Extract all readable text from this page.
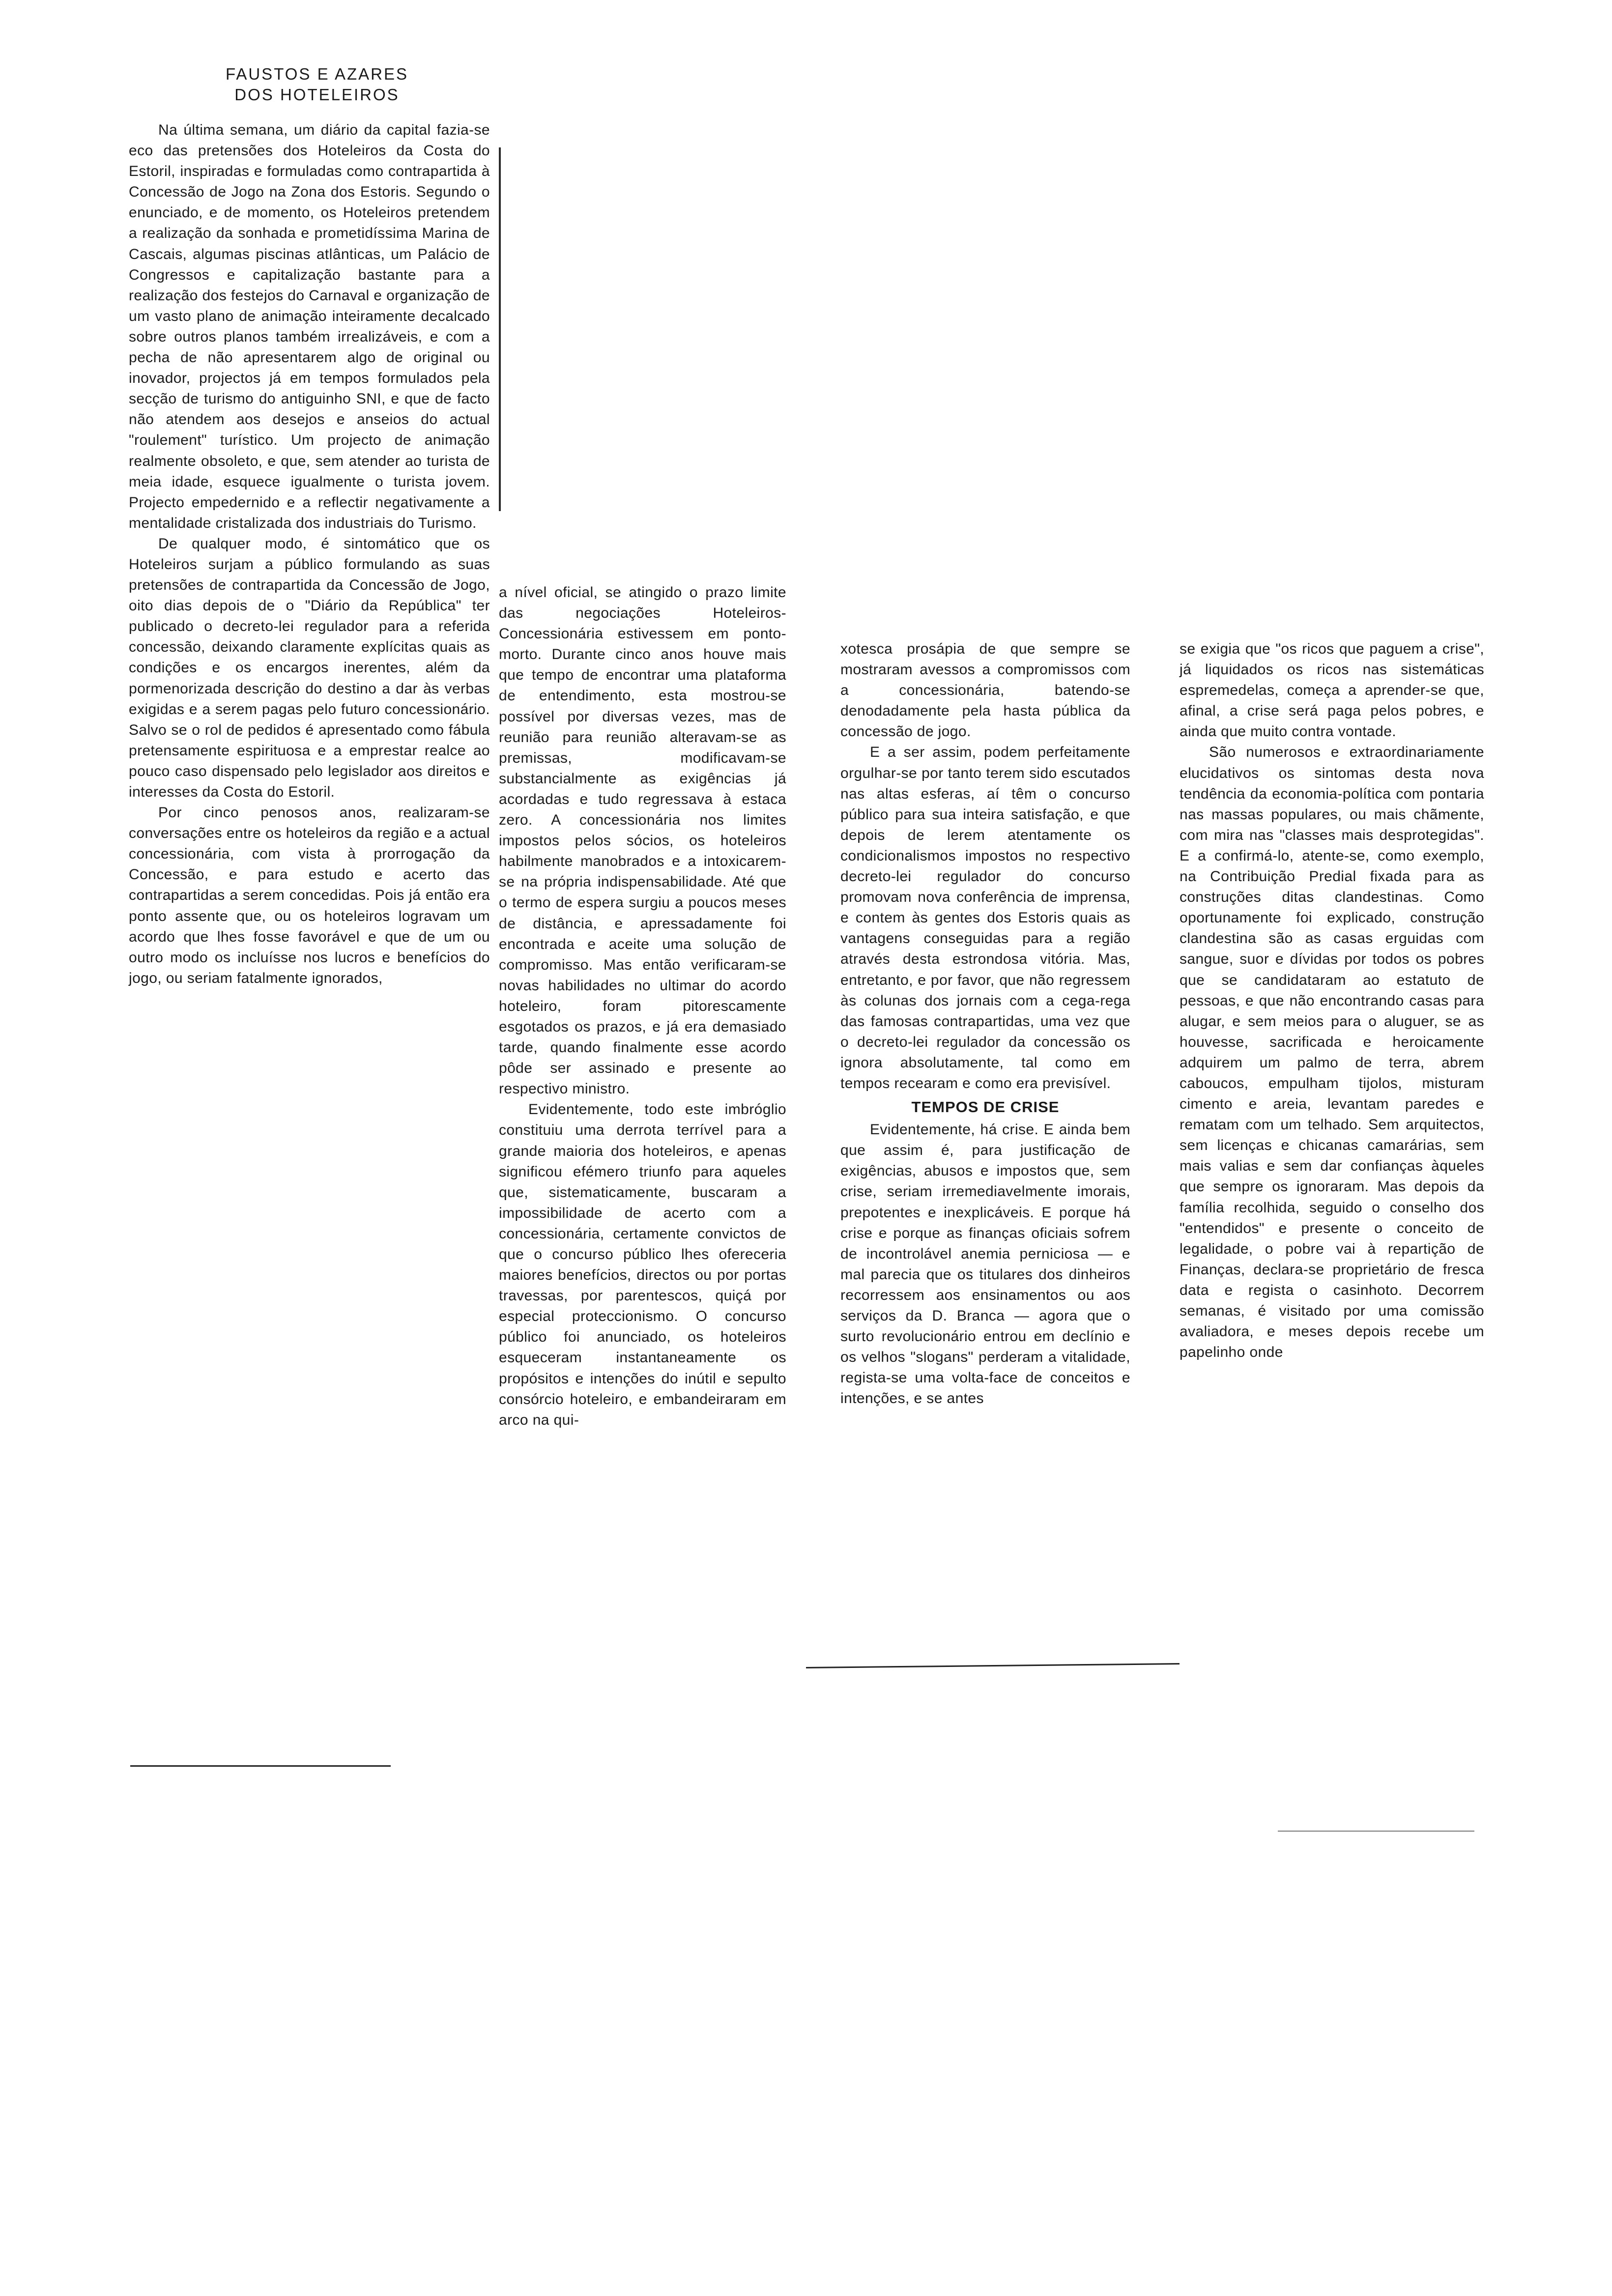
FAUSTOS E AZARES
DOS HOTELEIROS

Na última semana, um diário da capital fazia-se eco das pretensões dos Hoteleiros da Costa do Estoril, inspiradas e formuladas como contrapartida à Concessão de Jogo na Zona dos Estoris. Segundo o enunciado, e de momento, os Hoteleiros pretendem a realização da sonhada e prometidíssima Marina de Cascais, algumas piscinas atlânticas, um Palácio de Congressos e capitalização bastante para a realização dos festejos do Carnaval e organização de um vasto plano de animação inteiramente decalcado sobre outros planos também irrealizáveis, e com a pecha de não apresentarem algo de original ou inovador, projectos já em tempos formulados pela secção de turismo do antiguinho SNI, e que de facto não atendem aos desejos e anseios do actual "roulement" turístico. Um projecto de animação realmente obsoleto, e que, sem atender ao turista de meia idade, esquece igualmente o turista jovem. Projecto empedernido e a reflectir negativamente a mentalidade cristalizada dos industriais do Turismo.

De qualquer modo, é sintomático que os Hoteleiros surjam a público formulando as suas pretensões de contrapartida da Concessão de Jogo, oito dias depois de o "Diário da República" ter publicado o decreto-lei regulador para a referida concessão, deixando claramente explícitas quais as condições e os encargos inerentes, além da pormenorizada descrição do destino a dar às verbas exigidas e a serem pagas pelo futuro concessionário. Salvo se o rol de pedidos é apresentado como fábula pretensamente espirituosa e a emprestar realce ao pouco caso dispensado pelo legislador aos direitos e interesses da Costa do Estoril.

Por cinco penosos anos, realizaram-se conversações entre os hoteleiros da região e a actual concessionária, com vista à prorrogação da Concessão, e para estudo e acerto das contrapartidas a serem concedidas. Pois já então era ponto assente que, ou os hoteleiros logravam um acordo que lhes fosse favorável e que de um ou outro modo os incluísse nos lucros e benefícios do jogo, ou seriam fatalmente ignorados,

a nível oficial, se atingido o prazo limite das negociações Hoteleiros-Concessionária estivessem em ponto-morto. Durante cinco anos houve mais que tempo de encontrar uma plataforma de entendimento, esta mostrou-se possível por diversas vezes, mas de reunião para reunião alteravam-se as premissas, modificavam-se substancialmente as exigências já acordadas e tudo regressava à estaca zero. A concessionária nos limites impostos pelos sócios, os hoteleiros habilmente manobrados e a intoxicarem-se na própria indispensabilidade. Até que o termo de espera surgiu a poucos meses de distância, e apressadamente foi encontrada e aceite uma solução de compromisso. Mas então verificaram-se novas habilidades no ultimar do acordo hoteleiro, foram pitorescamente esgotados os prazos, e já era demasiado tarde, quando finalmente esse acordo pôde ser assinado e presente ao respectivo ministro.

Evidentemente, todo este imbróglio constituiu uma derrota terrível para a grande maioria dos hoteleiros, e apenas significou efémero triunfo para aqueles que, sistematicamente, buscaram a impossibilidade de acerto com a concessionária, certamente convictos de que o concurso público lhes ofereceria maiores benefícios, directos ou por portas travessas, por parentescos, quiçá por especial proteccionismo. O concurso público foi anunciado, os hoteleiros esqueceram instantaneamente os propósitos e intenções do inútil e sepulto consórcio hoteleiro, e embandeiraram em arco na qui-

xotesca prosápia de que sempre se mostraram avessos a compromissos com a concessionária, batendo-se denodadamente pela hasta pública da concessão de jogo.

E a ser assim, podem perfeitamente orgulhar-se por tanto terem sido escutados nas altas esferas, aí têm o concurso público para sua inteira satisfação, e que depois de lerem atentamente os condicionalismos impostos no respectivo decreto-lei regulador do concurso promovam nova conferência de imprensa, e contem às gentes dos Estoris quais as vantagens conseguidas para a região através desta estrondosa vitória. Mas, entretanto, e por favor, que não regressem às colunas dos jornais com a cega-rega das famosas contrapartidas, uma vez que o decreto-lei regulador da concessão os ignora absolutamente, tal como em tempos recearam e como era previsível.

TEMPOS DE CRISE

Evidentemente, há crise. E ainda bem que assim é, para justificação de exigências, abusos e impostos que, sem crise, seriam irremediavelmente imorais, prepotentes e inexplicáveis. E porque há crise e porque as finanças oficiais sofrem de incontrolável anemia perniciosa — e mal parecia que os titulares dos dinheiros recorressem aos ensinamentos ou aos serviços da D. Branca — agora que o surto revolucionário entrou em declínio e os velhos "slogans" perderam a vitalidade, regista-se uma volta-face de conceitos e intenções, e se antes

se exigia que "os ricos que paguem a crise", já liquidados os ricos nas sistemáticas espremedelas, começa a aprender-se que, afinal, a crise será paga pelos pobres, e ainda que muito contra vontade.

São numerosos e extraordinariamente elucidativos os sintomas desta nova tendência da economia-política com pontaria nas massas populares, ou mais chãmente, com mira nas "classes mais desprotegidas". E a confirmá-lo, atente-se, como exemplo, na Contribuição Predial fixada para as construções ditas clandestinas. Como oportunamente foi explicado, construção clandestina são as casas erguidas com sangue, suor e dívidas por todos os pobres que se candidataram ao estatuto de pessoas, e que não encontrando casas para alugar, e sem meios para o aluguer, se as houvesse, sacrificada e heroicamente adquirem um palmo de terra, abrem caboucos, empulham tijolos, misturam cimento e areia, levantam paredes e rematam com um telhado. Sem arquitectos, sem licenças e chicanas camarárias, sem mais valias e sem dar confianças àqueles que sempre os ignoraram. Mas depois da família recolhida, seguido o conselho dos "entendidos" e presente o conceito de legalidade, o pobre vai à repartição de Finanças, declara-se proprietário de fresca data e regista o casinhoto. Decorrem semanas, é visitado por uma comissão avaliadora, e meses depois recebe um papelinho onde
